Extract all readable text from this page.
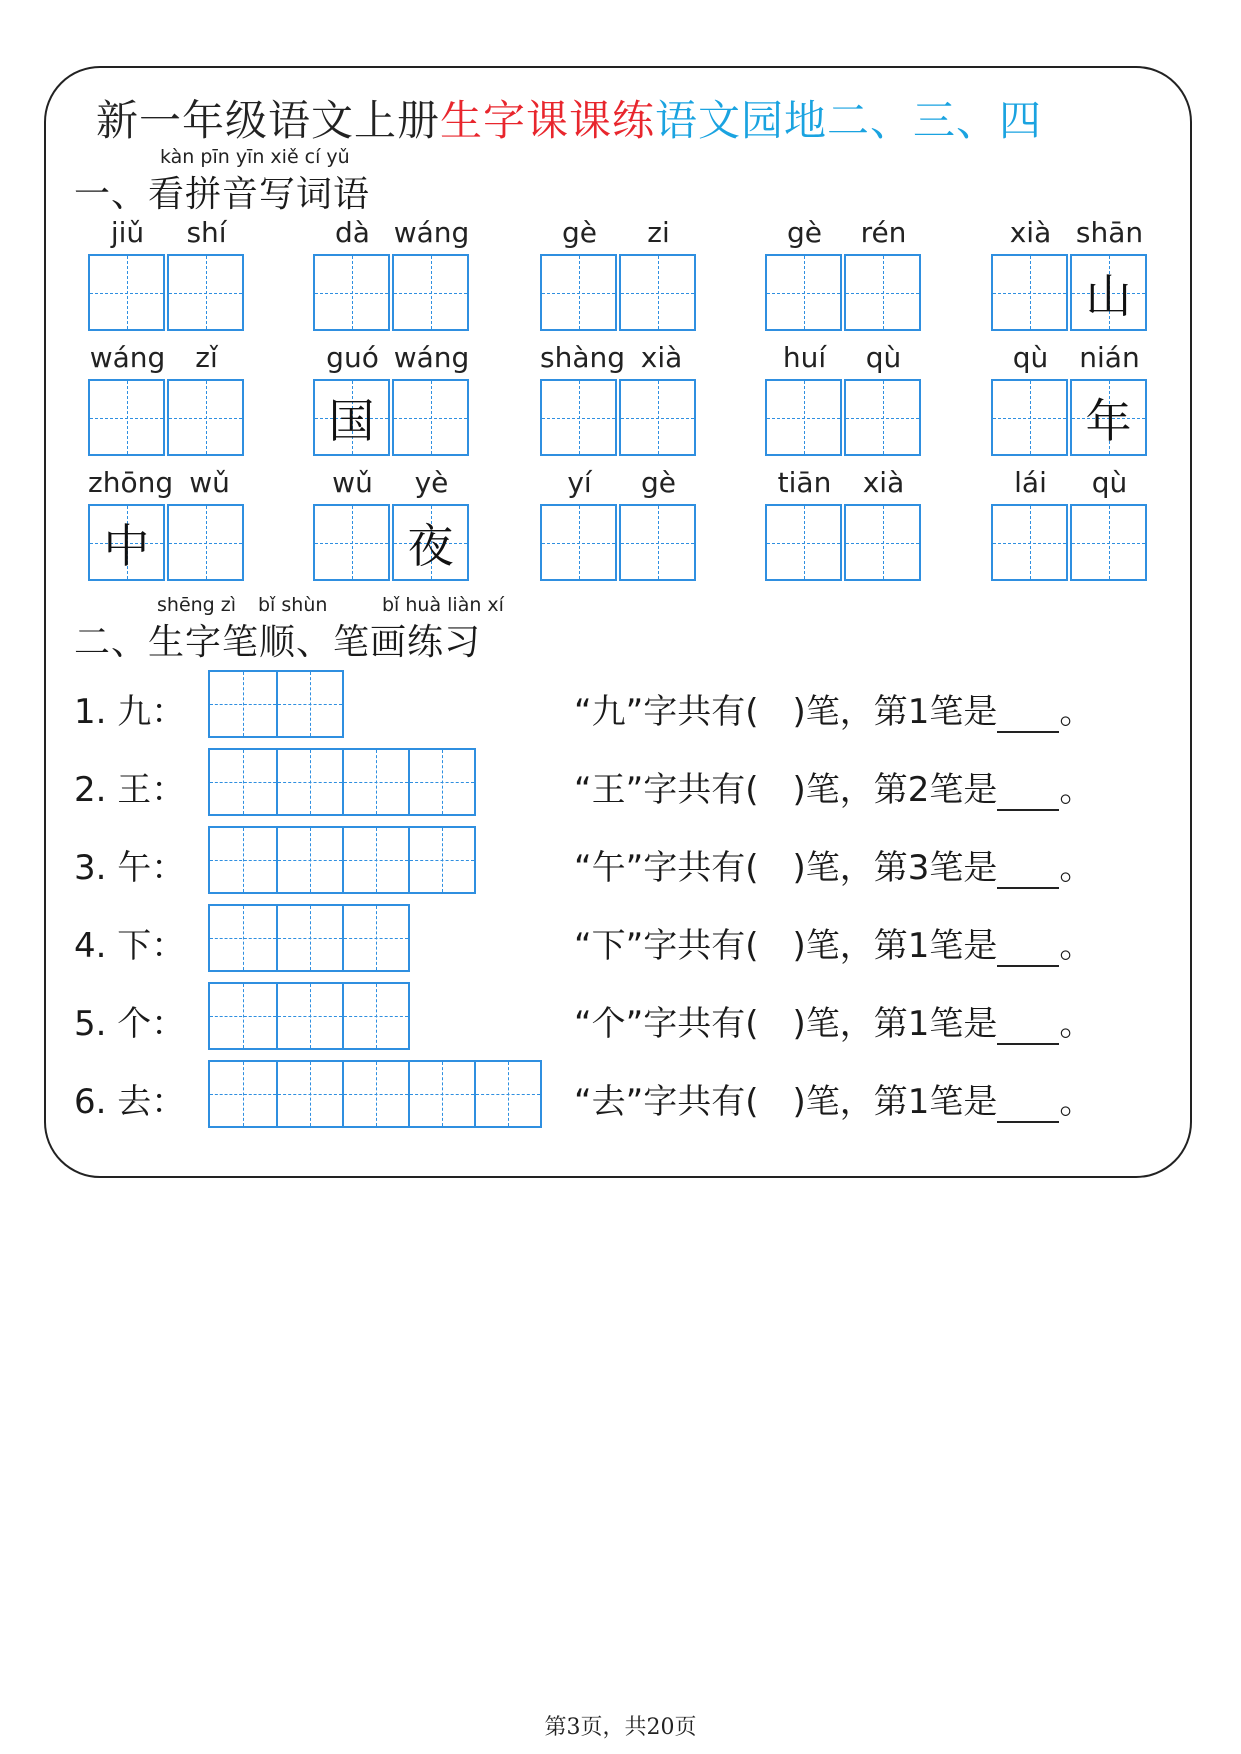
新一年级语文上册生字课课练语文园地二、三、四
kàn pīn yīn xiě cí yǔ
一、看拼音写词语
jiǔ	shí	dà wáng	gè	zi	gè	rén	xià shān
山
wáng	zǐ	guó wáng
国
shàng xià	huí	qù	qù	nián
年
zhōng wǔ
中
wǔ	yè
夜
yí	gè	tiān	xià	lái	qù
shēng zì bǐ shùn	bǐ huà liàn xí
二、生字笔顺、笔画练习
1. 九：	“九”字共有(　)笔，第1笔是 。
2. 王：	“王”字共有(　)笔，第2笔是 。
3. 午：	“午”字共有(　)笔，第3笔是 。
4. 下：	“下”字共有(　)笔，第1笔是 。
5. 个：	“个”字共有(　)笔，第1笔是 。
6. 去：	“去”字共有(　)笔，第1笔是 。
第3页，共20页
